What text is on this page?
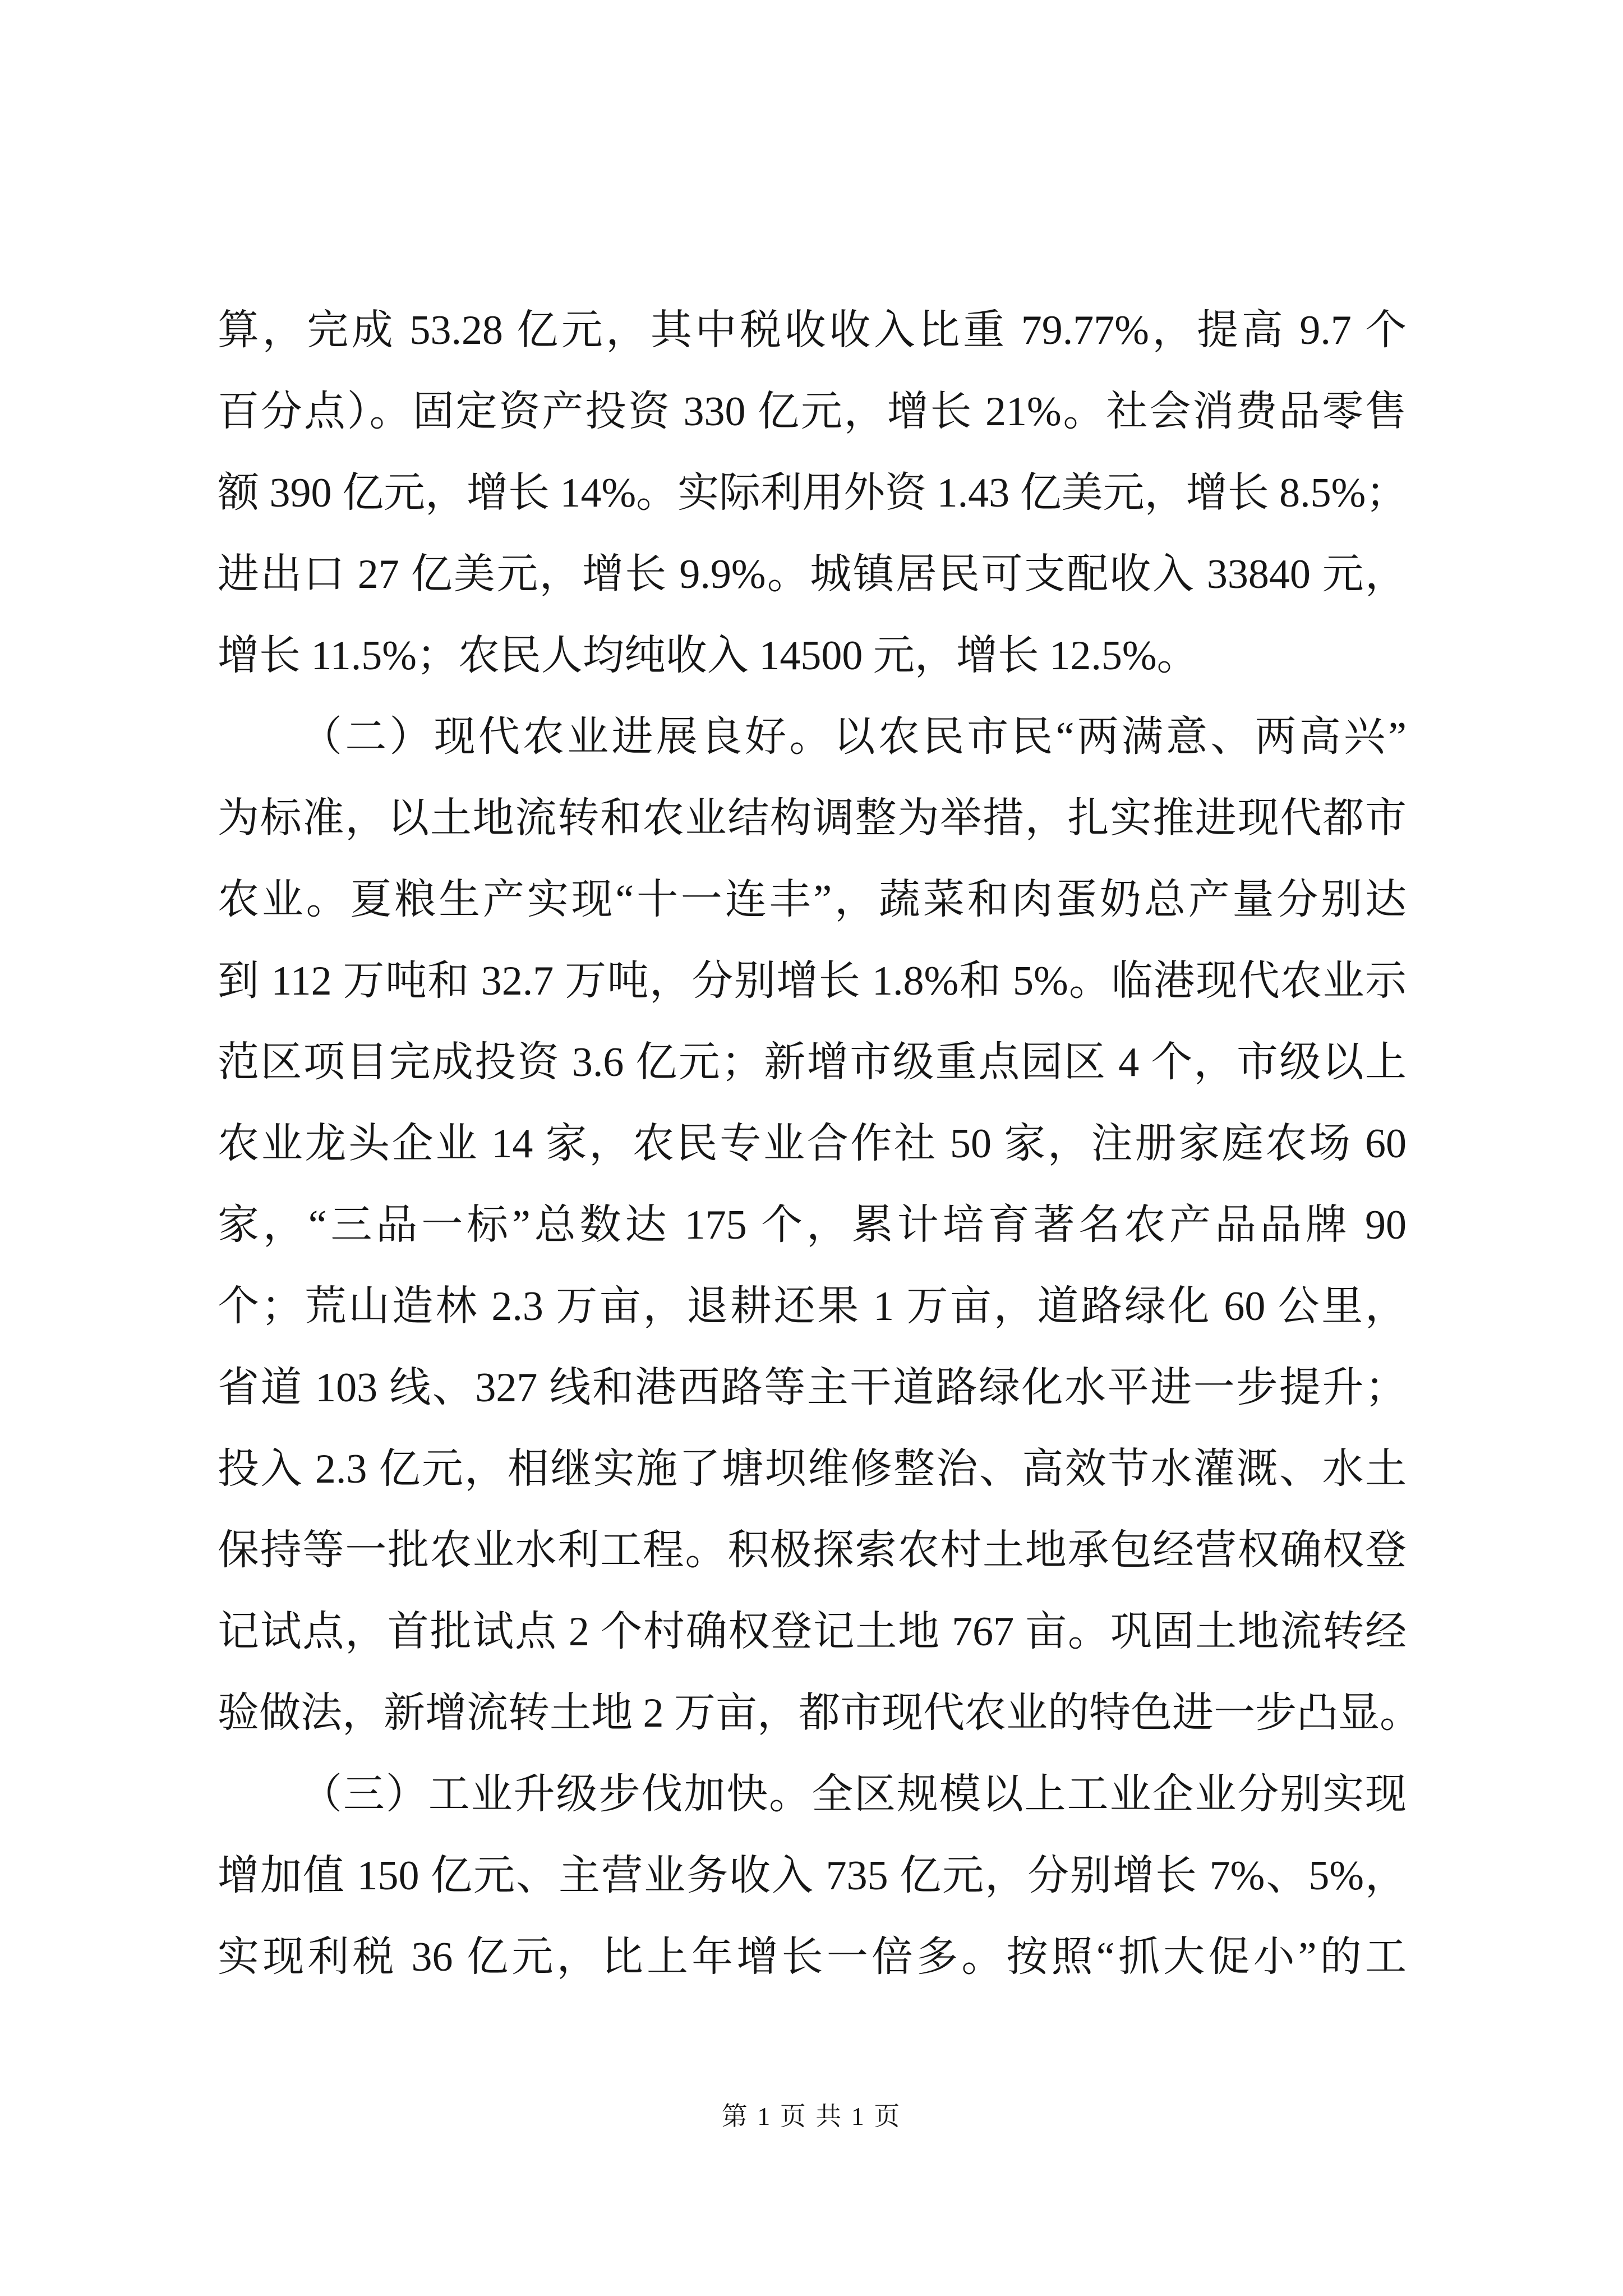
算，完成 53.28 亿元，其中税收收入比重 79.77%，提高 9.7 个
百分点）。固定资产投资 330 亿元，增长 21%。社会消费品零售
额 390 亿元，增长 14%。实际利用外资 1.43 亿美元，增长 8.5%；
进出口 27 亿美元，增长 9.9%。城镇居民可支配收入 33840 元，
增长 11.5%；农民人均纯收入 14500 元，增长 12.5%。
（二）现代农业进展良好。以农民市民“两满意、两高兴”
为标准，以土地流转和农业结构调整为举措，扎实推进现代都市
农业。夏粮生产实现“十一连丰”，蔬菜和肉蛋奶总产量分别达
到 112 万吨和 32.7 万吨，分别增长 1.8%和 5%。临港现代农业示
范区项目完成投资 3.6 亿元；新增市级重点园区 4 个，市级以上
农业龙头企业 14 家，农民专业合作社 50 家，注册家庭农场 60
家，“三品一标”总数达 175 个，累计培育著名农产品品牌 90
个；荒山造林 2.3 万亩，退耕还果 1 万亩，道路绿化 60 公里，
省道 103 线、327 线和港西路等主干道路绿化水平进一步提升；
投入 2.3 亿元，相继实施了塘坝维修整治、高效节水灌溉、水土
保持等一批农业水利工程。积极探索农村土地承包经营权确权登
记试点，首批试点 2 个村确权登记土地 767 亩。巩固土地流转经
验做法，新增流转土地 2 万亩，都市现代农业的特色进一步凸显。
（三）工业升级步伐加快。全区规模以上工业企业分别实现
增加值 150 亿元、主营业务收入 735 亿元，分别增长 7%、5%，
实现利税 36 亿元，比上年增长一倍多。按照“抓大促小”的工
第 1 页 共 1 页
